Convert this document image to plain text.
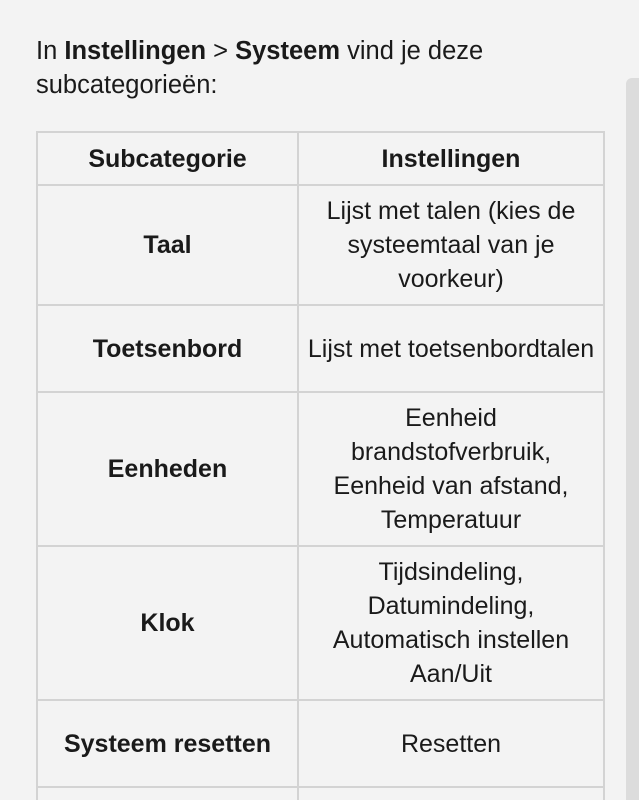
In Instellingen > Systeem vind je deze subcategorieën:

Subcategorie	Instellingen
Taal	Lijst met talen (kies de systeemtaal van je voorkeur)
Toetsenbord	Lijst met toetsenbordtalen
Eenheden	Eenheid brandstofverbruik, Eenheid van afstand, Temperatuur
Klok	Tijdsindeling, Datumindeling, Automatisch instellen Aan/Uit
Systeem resetten	Resetten
